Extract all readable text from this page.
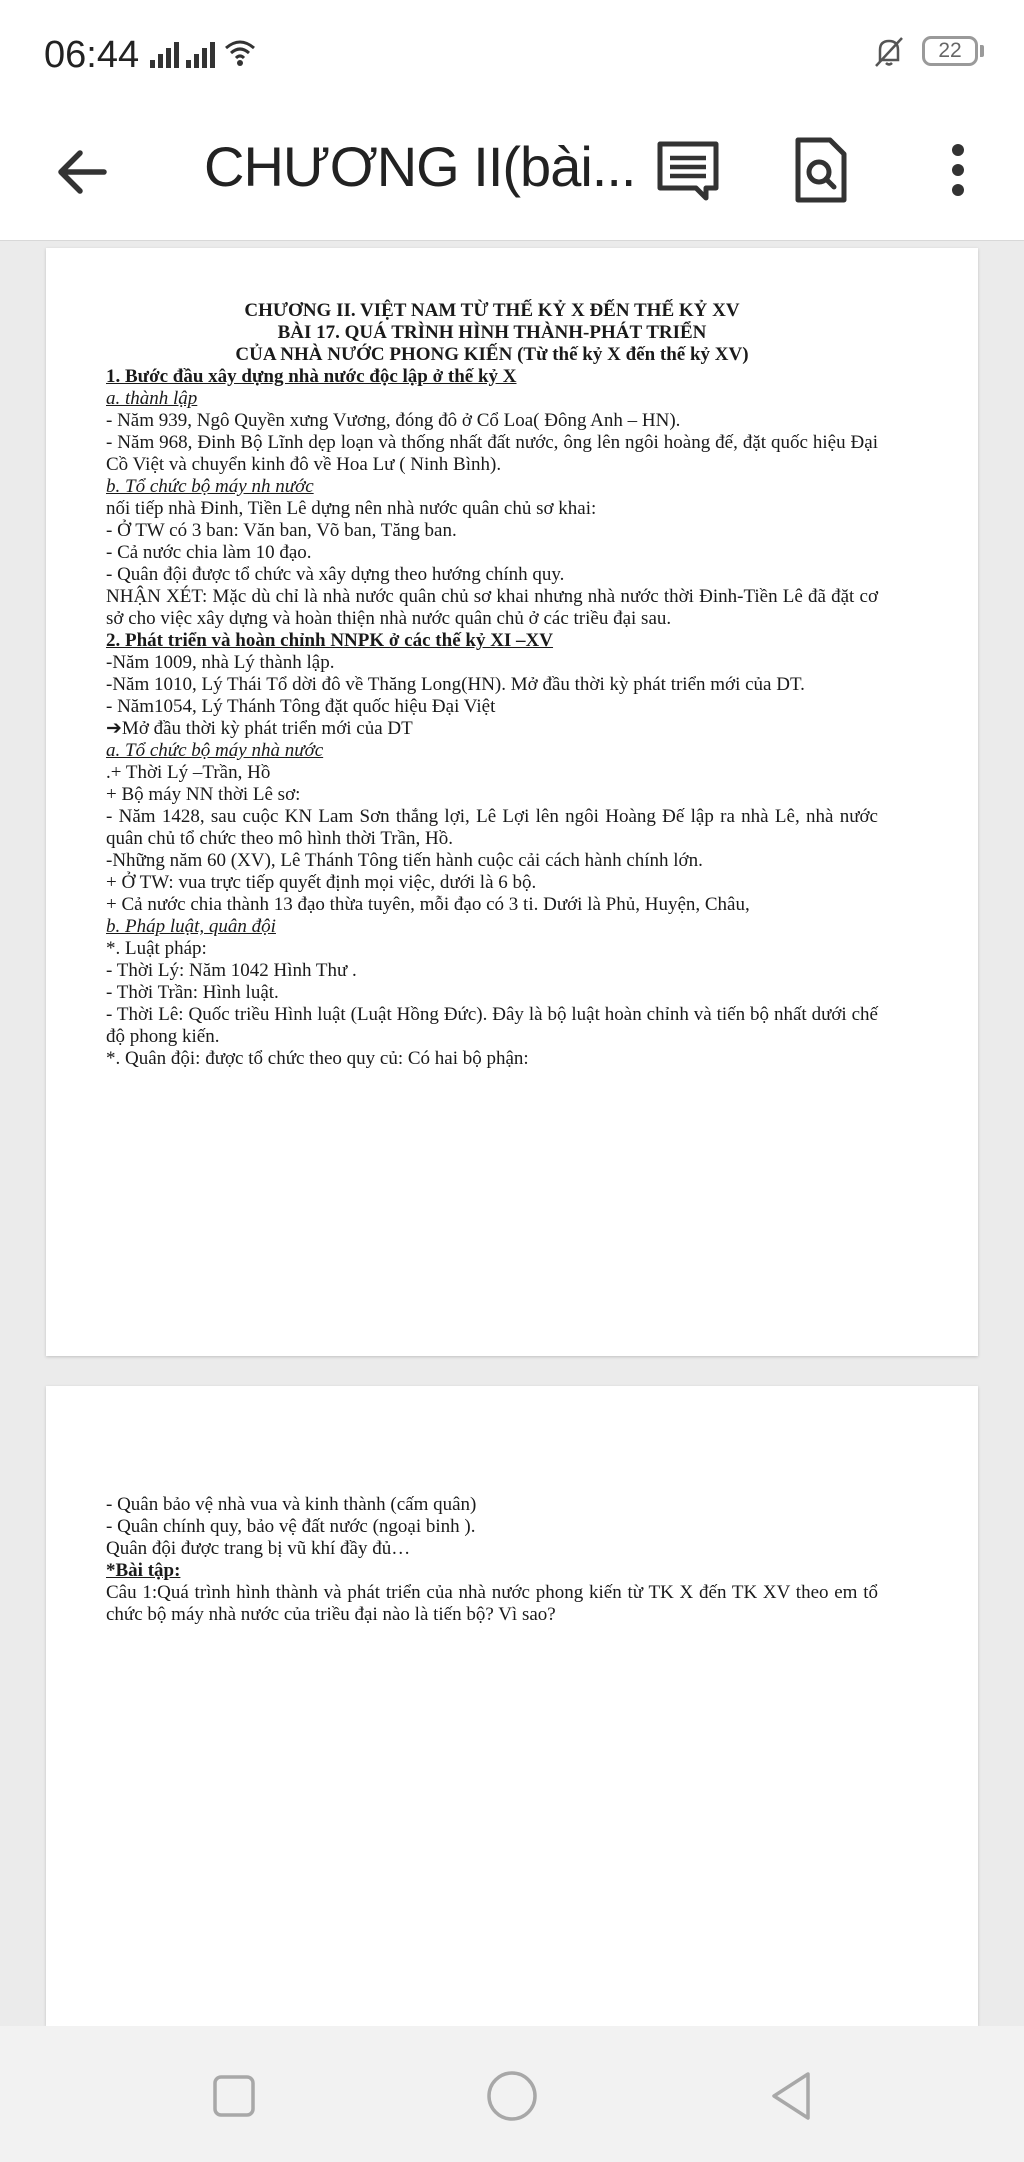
06:44	22
CHƯƠNG II(bài...

CHƯƠNG II. VIỆT NAM TỪ THẾ KỶ X ĐẾN THẾ KỶ XV

BÀI 17. QUÁ TRÌNH HÌNH THÀNH-PHÁT TRIỂN

CỦA NHÀ NƯỚC PHONG KIẾN (Từ thế kỷ X đến thế kỷ XV)

1. Bước đầu xây dựng nhà nước độc lập ở thế kỷ X

a. thành lập

- Năm 939, Ngô Quyền xưng Vương, đóng đô ở Cổ Loa( Đông Anh – HN).

- Năm 968, Đinh Bộ Lĩnh dẹp loạn và thống nhất đất nước, ông lên ngôi hoàng đế, đặt quốc hiệu Đại Cồ Việt và chuyển kinh đô về Hoa Lư ( Ninh Bình).

b. Tổ chức bộ máy nh nước

nối tiếp nhà Đinh, Tiền Lê dựng nên nhà nước quân chủ sơ khai:

- Ở TW có 3 ban: Văn ban, Võ ban, Tăng ban.

- Cả nước chia làm 10 đạo.

- Quân đội được tổ chức và xây dựng theo hướng chính quy.

NHẬN XÉT: Mặc dù chỉ là nhà nước quân chủ sơ khai nhưng nhà nước thời Đinh-Tiền Lê đã đặt cơ sở cho việc xây dựng và hoàn thiện nhà nước quân chủ ở các triều đại sau.

2. Phát triển và hoàn chỉnh NNPK ở các thế kỷ XI –XV

-Năm 1009, nhà Lý thành lập.

-Năm 1010, Lý Thái Tổ dời đô về Thăng Long(HN). Mở đầu thời kỳ phát triển mới của DT.

- Năm1054, Lý Thánh Tông đặt quốc hiệu Đại Việt

➔Mở đầu thời kỳ phát triển mới của DT

a. Tổ chức bộ máy nhà nước

.+ Thời Lý –Trần, Hồ

+ Bộ máy NN thời Lê sơ:

- Năm 1428, sau cuộc KN Lam Sơn thắng lợi, Lê Lợi lên ngôi Hoàng Đế lập ra nhà Lê, nhà nước quân chủ tổ chức theo mô hình thời Trần, Hồ.

-Những năm 60 (XV), Lê Thánh Tông tiến hành cuộc cải cách hành chính lớn.

+ Ở TW: vua trực tiếp quyết định mọi việc, dưới là 6 bộ.

+ Cả nước chia thành 13 đạo thừa tuyên, mỗi đạo có 3 ti. Dưới là Phủ, Huyện, Châu,

b. Pháp luật, quân đội

*. Luật pháp:

- Thời Lý: Năm 1042 Hình Thư .

- Thời Trần: Hình luật.

- Thời Lê: Quốc triều Hình luật (Luật Hồng Đức). Đây là bộ luật hoàn chỉnh và tiến bộ nhất dưới chế độ phong kiến.

*. Quân đội: được tổ chức theo quy củ: Có hai bộ phận:

- Quân bảo vệ nhà vua và kinh thành (cấm quân)

- Quân chính quy, bảo vệ đất nước (ngoại binh ).

Quân đội được trang bị vũ khí đầy đủ…

*Bài tập:

Câu 1:Quá trình hình thành và phát triển của nhà nước phong kiến từ TK X đến TK XV theo em tổ chức bộ máy nhà nước của triều đại nào là tiến bộ? Vì sao?
